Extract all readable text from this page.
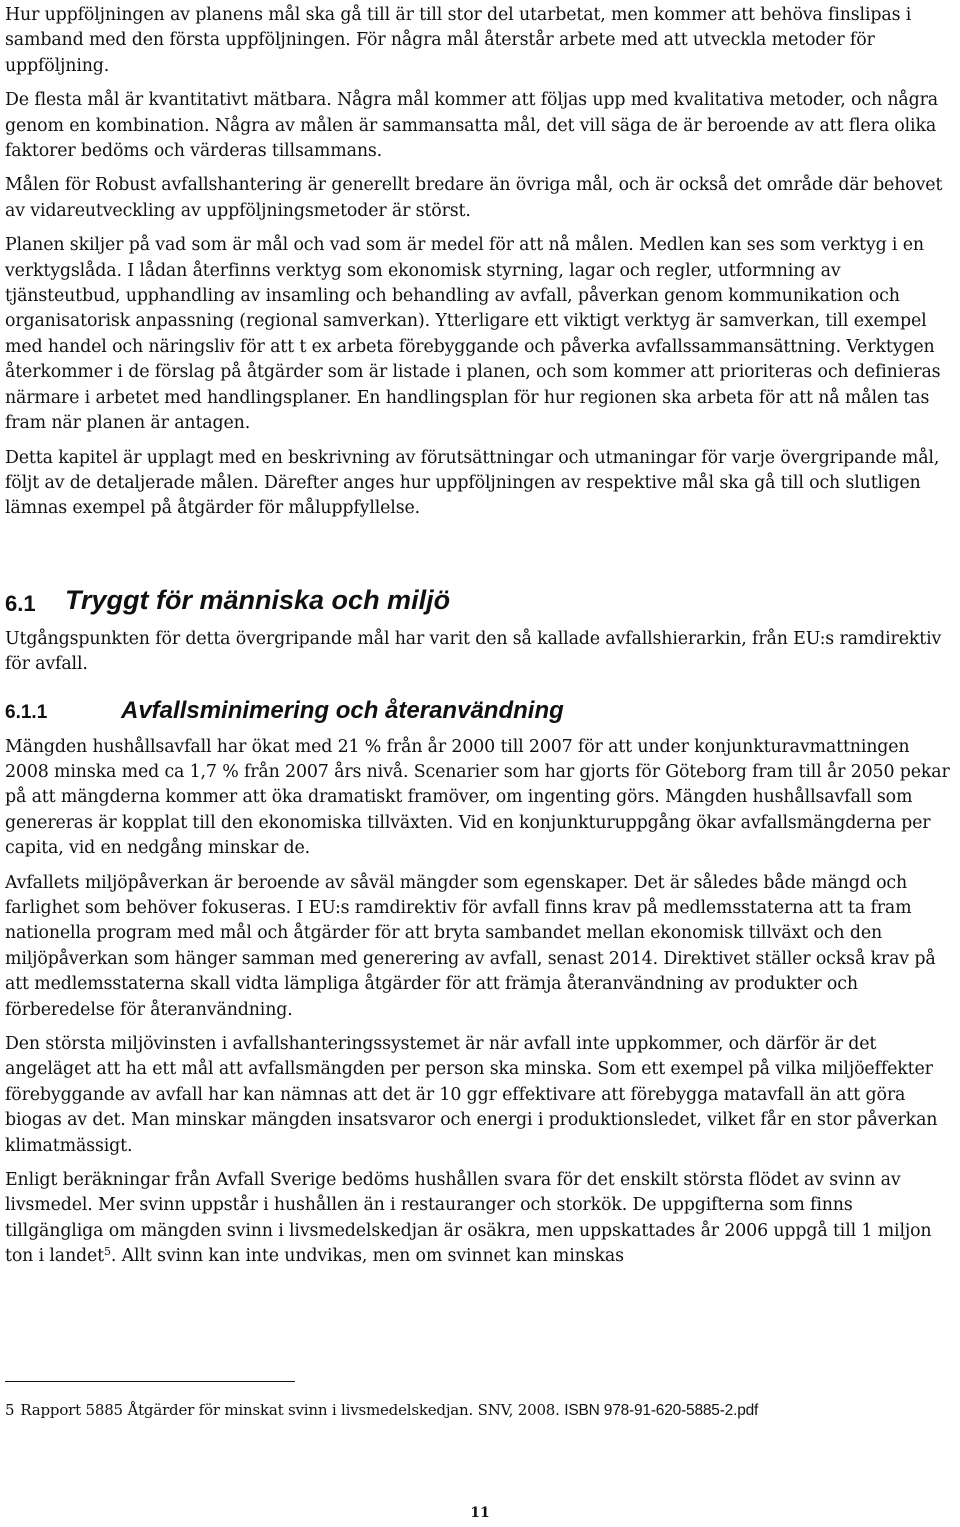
Hur uppföljningen av planens mål ska gå till är till stor del utarbetat, men kommer att behöva finslipas i samband med den första uppföljningen. För några mål återstår arbete med att utveckla metoder för uppföljning.

De flesta mål är kvantitativt mätbara. Några mål kommer att följas upp med kvalitativa metoder, och några genom en kombination. Några av målen är sammansatta mål, det vill säga de är beroende av att flera olika faktorer bedöms och värderas tillsammans.

Målen för Robust avfallshantering är generellt bredare än övriga mål, och är också det område där behovet av vidareutveckling av uppföljningsmetoder är störst.

Planen skiljer på vad som är mål och vad som är medel för att nå målen. Medlen kan ses som verktyg i en verktygslåda. I lådan återfinns verktyg som ekonomisk styrning, lagar och regler, utformning av tjänsteutbud, upphandling av insamling och behandling av avfall, påverkan genom kommunikation och organisatorisk anpassning (regional samverkan). Ytterligare ett viktigt verktyg är samverkan, till exempel med handel och näringsliv för att t ex arbeta förebyggande och påverka avfallssammansättning. Verktygen återkommer i de förslag på åtgärder som är listade i planen, och som kommer att prioriteras och definieras närmare i arbetet med handlingsplaner. En handlingsplan för hur regionen ska arbeta för att nå målen tas fram när planen är antagen.

Detta kapitel är upplagt med en beskrivning av förutsättningar och utmaningar för varje övergripande mål, följt av de detaljerade målen. Därefter anges hur uppföljningen av respektive mål ska gå till och slutligen lämnas exempel på åtgärder för måluppfyllelse.

6.1 Tryggt för människa och miljö

Utgångspunkten för detta övergripande mål har varit den så kallade avfallshierarkin, från EU:s ramdirektiv för avfall.

6.1.1	Avfallsminimering och återanvändning

Mängden hushållsavfall har ökat med 21 % från år 2000 till 2007 för att under konjunkturavmattningen 2008 minska med ca 1,7 % från 2007 års nivå. Scenarier som har gjorts för Göteborg fram till år 2050 pekar på att mängderna kommer att öka dramatiskt framöver, om ingenting görs. Mängden hushållsavfall som genereras är kopplat till den ekonomiska tillväxten. Vid en konjunkturuppgång ökar avfallsmängderna per capita, vid en nedgång minskar de.

Avfallets miljöpåverkan är beroende av såväl mängder som egenskaper. Det är således både mängd och farlighet som behöver fokuseras. I EU:s ramdirektiv för avfall finns krav på medlemsstaterna att ta fram nationella program med mål och åtgärder för att bryta sambandet mellan ekonomisk tillväxt och den miljöpåverkan som hänger samman med generering av avfall, senast 2014. Direktivet ställer också krav på att medlemsstaterna skall vidta lämpliga åtgärder för att främja återanvändning av produkter och förberedelse för återanvändning.

Den största miljövinsten i avfallshanteringssystemet är när avfall inte uppkommer, och därför är det angeläget att ha ett mål att avfallsmängden per person ska minska. Som ett exempel på vilka miljöeffekter förebyggande av avfall har kan nämnas att det är 10 ggr effektivare att förebygga matavfall än att göra biogas av det. Man minskar mängden insatsvaror och energi i produktionsledet, vilket får en stor påverkan klimatmässigt.

Enligt beräkningar från Avfall Sverige bedöms hushållen svara för det enskilt största flödet av svinn av livsmedel. Mer svinn uppstår i hushållen än i restauranger och storkök. De uppgifterna som finns tillgängliga om mängden svinn i livsmedelskedjan är osäkra, men uppskattades år 2006 uppgå till 1 miljon ton i landet$^5$. Allt svinn kan inte undvikas, men om svinnet kan minskas

5 Rapport 5885 Åtgärder för minskat svinn i livsmedelskedjan. SNV, 2008. ISBN 978-91-620-5885-2.pdf
11
